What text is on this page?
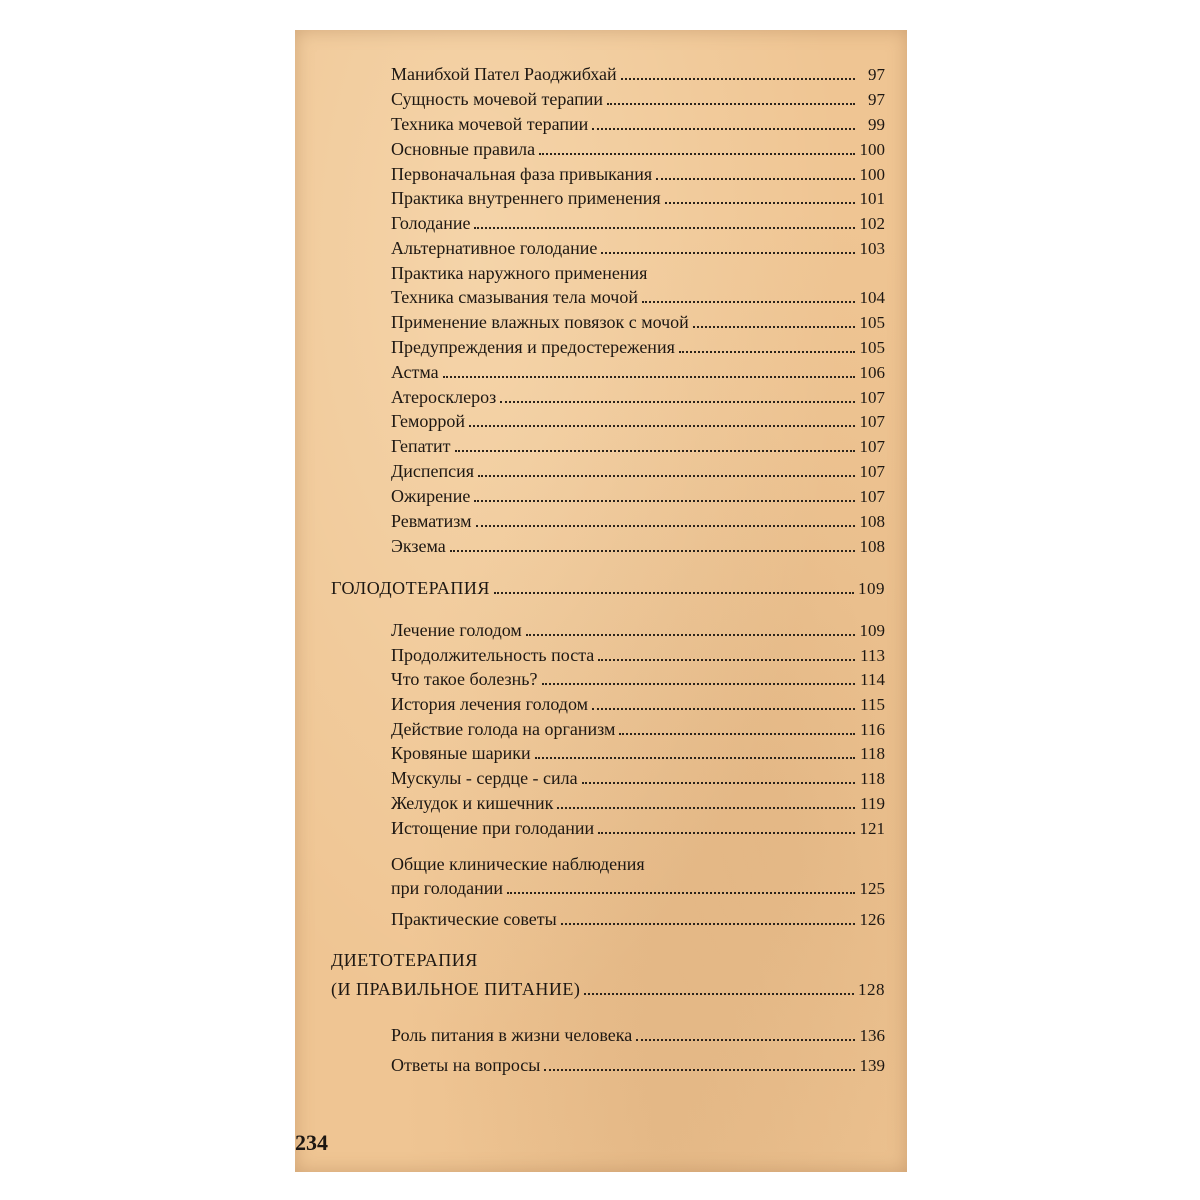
Манибхой Пател Раоджибхай	97
Сущность мочевой терапии	97
Техника мочевой терапии	99
Основные правила	100
Первоначальная фаза привыкания	100
Практика внутреннего применения	101
Голодание	102
Альтернативное голодание	103
Практика наружного применения
Техника смазывания тела мочой	104
Применение влажных повязок с мочой	105
Предупреждения и предостережения	105
Астма	106
Атеросклероз	107
Геморрой	107
Гепатит	107
Диспепсия	107
Ожирение	107
Ревматизм	108
Экзема	108
ГОЛОДОТЕРАПИЯ	109
Лечение голодом	109
Продолжительность поста	113
Что такое болезнь?	114
История лечения голодом	115
Действие голода на организм	116
Кровяные шарики	118
Мускулы - сердце - сила	118
Желудок и кишечник	119
Истощение при голодании	121
Общие клинические наблюдения
при голодании	125
Практические советы	126
ДИЕТОТЕРАПИЯ
(И ПРАВИЛЬНОЕ ПИТАНИЕ)	128
Роль питания в жизни человека	136
Ответы на вопросы	139
234
